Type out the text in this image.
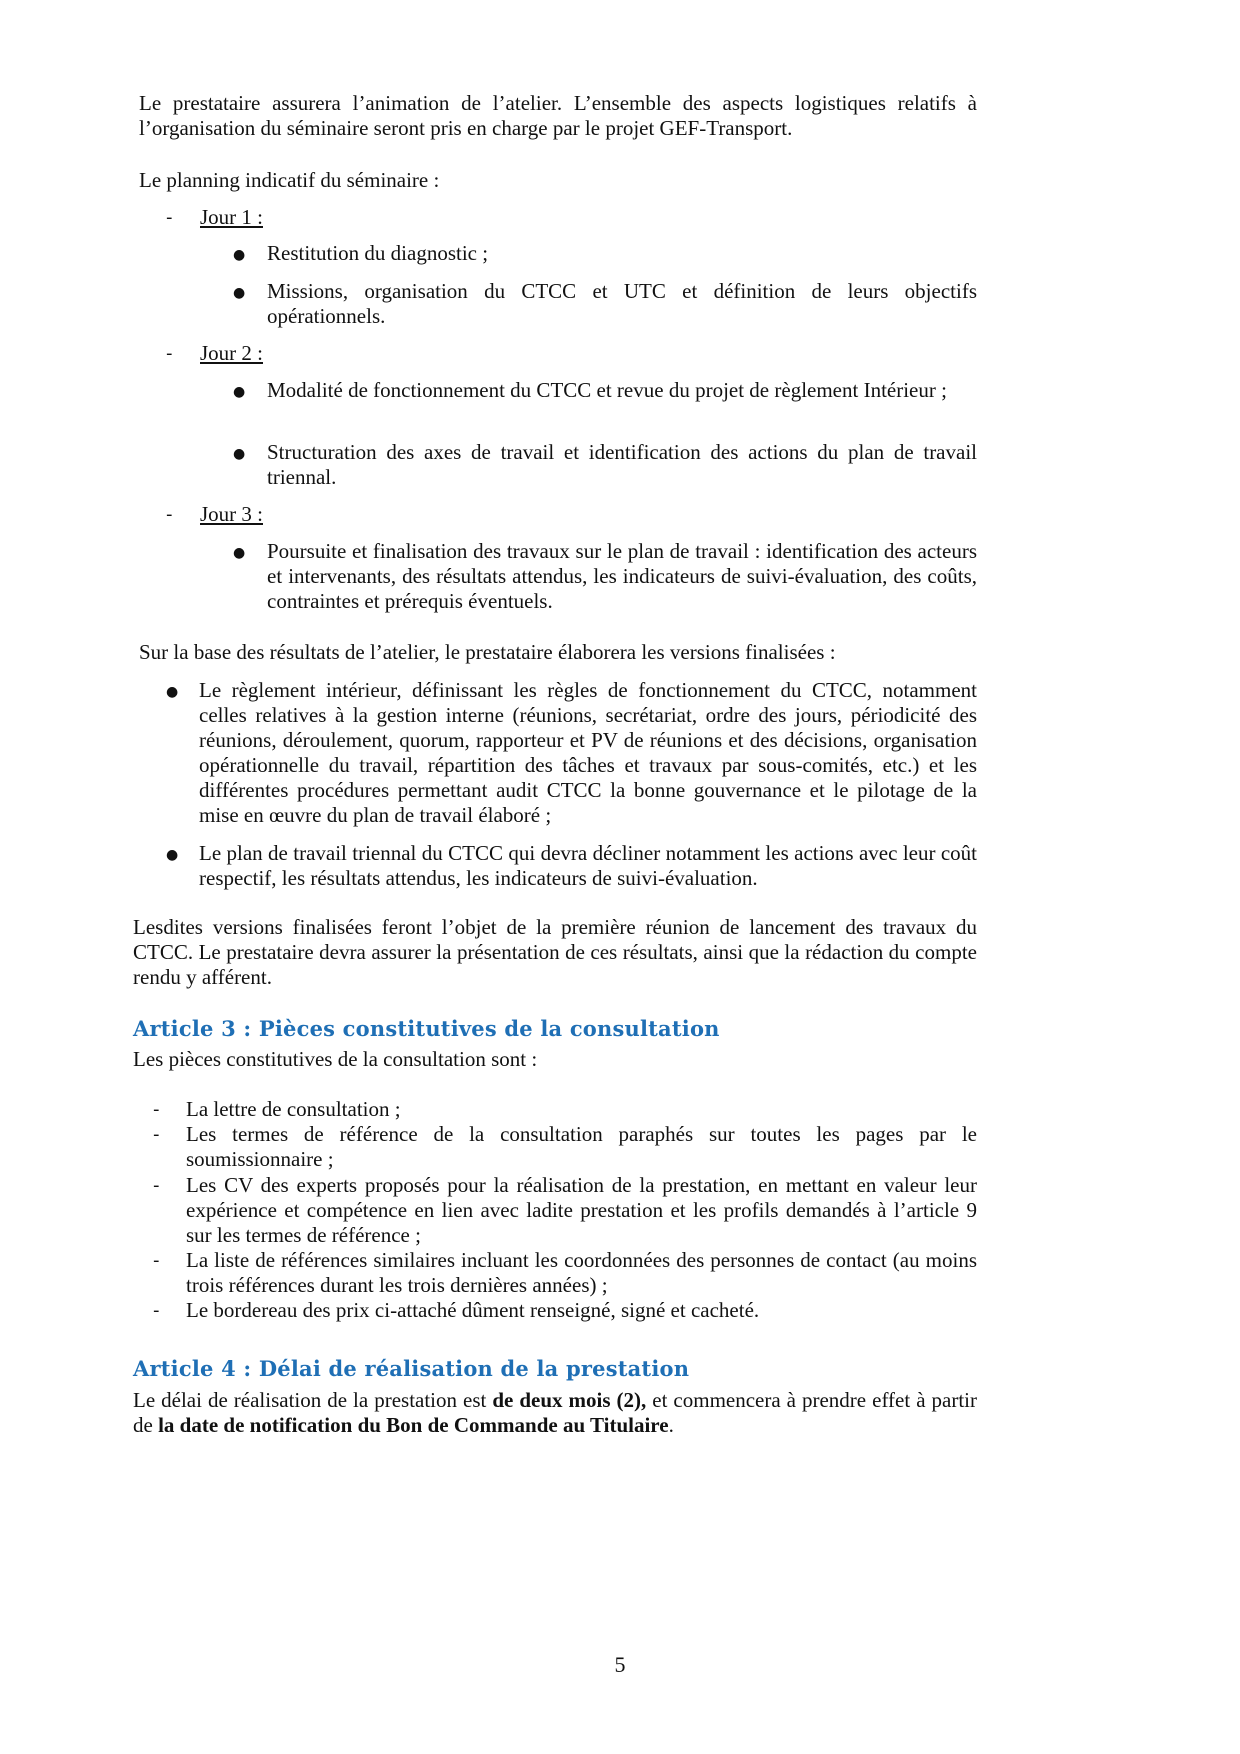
Le prestataire assurera l’animation de l’atelier. L’ensemble des aspects logistiques relatifs à l’organisation du séminaire seront pris en charge par le projet GEF-Transport.
Le planning indicatif du séminaire :
- Jour 1 :
● Restitution du diagnostic ;
● Missions, organisation du CTCC et UTC et définition de leurs objectifs opérationnels.
- Jour 2 :
● Modalité de fonctionnement du CTCC et revue du projet de règlement Intérieur ;
● Structuration des axes de travail et identification des actions du plan de travail triennal.
- Jour 3 :
● Poursuite et finalisation des travaux sur le plan de travail : identification des acteurs et intervenants, des résultats attendus, les indicateurs de suivi-évaluation, des coûts, contraintes et prérequis éventuels.
Sur la base des résultats de l’atelier, le prestataire élaborera les versions finalisées :
● Le règlement intérieur, définissant les règles de fonctionnement du CTCC, notamment celles relatives à la gestion interne (réunions, secrétariat, ordre des jours, périodicité des réunions, déroulement, quorum, rapporteur et PV de réunions et des décisions, organisation opérationnelle du travail, répartition des tâches et travaux par sous-comités, etc.) et les différentes procédures permettant audit CTCC la bonne gouvernance et le pilotage de la mise en œuvre du plan de travail élaboré ;
● Le plan de travail triennal du CTCC qui devra décliner notamment les actions avec leur coût respectif, les résultats attendus, les indicateurs de suivi-évaluation.
Lesdites versions finalisées feront l’objet de la première réunion de lancement des travaux du CTCC. Le prestataire devra assurer la présentation de ces résultats, ainsi que la rédaction du compte rendu y afférent.
Article 3 : Pièces constitutives de la consultation
Les pièces constitutives de la consultation sont :
- La lettre de consultation ;
- Les termes de référence de la consultation paraphés sur toutes les pages par le soumissionnaire ;
- Les CV des experts proposés pour la réalisation de la prestation, en mettant en valeur leur expérience et compétence en lien avec ladite prestation et les profils demandés à l’article 9 sur les termes de référence ;
- La liste de références similaires incluant les coordonnées des personnes de contact (au moins trois références durant les trois dernières années) ;
- Le bordereau des prix ci-attaché dûment renseigné, signé et cacheté.
Article 4 : Délai de réalisation de la prestation
Le délai de réalisation de la prestation est de deux mois (2), et commencera à prendre effet à partir de la date de notification du Bon de Commande au Titulaire.
5
